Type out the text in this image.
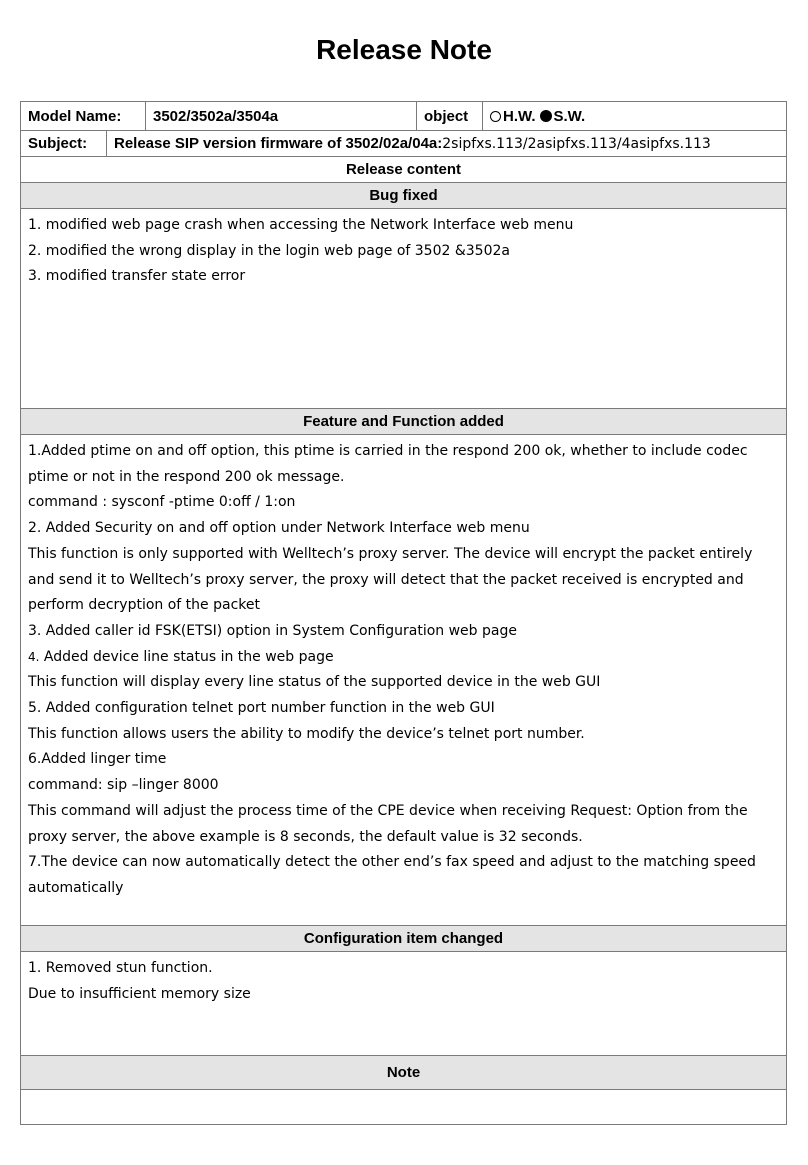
Release Note
Model Name:	3502/3502a/3504a	object	H.W. S.W.
Subject:	Release SIP version firmware of 3502/02a/04a: 2sipfxs.113/2asipfxs.113/4asipfxs.113
Release content
Bug fixed
1. modified web page crash when accessing the Network Interface web menu
2. modified the wrong display in the login web page of 3502 &3502a
3. modified transfer state error
Feature and Function added
1.Added ptime on and off option, this ptime is carried in the respond 200 ok, whether to include codec
ptime or not in the respond 200 ok message.
command : sysconf -ptime 0:off / 1:on
2. Added Security on and off option under Network Interface web menu
This function is only supported with Welltech’s proxy server. The device will encrypt the packet entirely
and send it to Welltech’s proxy server, the proxy will detect that the packet received is encrypted and
perform decryption of the packet
3. Added caller id FSK(ETSI) option in System Configuration web page
4. Added device line status in the web page
This function will display every line status of the supported device in the web GUI
5. Added configuration telnet port number function in the web GUI
This function allows users the ability to modify the device’s telnet port number.
6.Added linger time
command: sip –linger 8000
This command will adjust the process time of the CPE device when receiving Request: Option from the
proxy server, the above example is 8 seconds, the default value is 32 seconds.
7.The device can now automatically detect the other end’s fax speed and adjust to the matching speed
automatically
Configuration item changed
1. Removed stun function.
Due to insufficient memory size
Note
